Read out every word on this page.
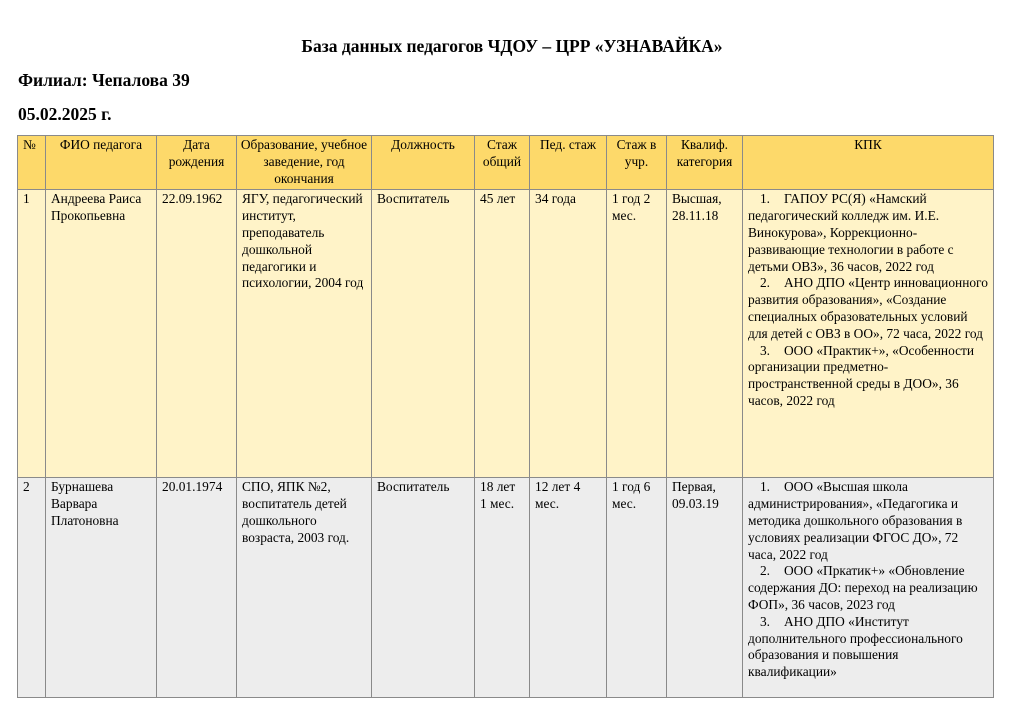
База данных педагогов ЧДОУ – ЦРР «УЗНАВАЙКА»
Филиал: Чепалова 39
05.02.2025 г.
№	ФИО педагога	Дата рождения	Образование, учебное заведение, год окончания	Должность	Стаж общий	Пед. стаж	Стаж в учр.	Квалиф. категория	КПК
1	Андреева Раиса Прокопьевна	22.09.1962	ЯГУ, педагогический институт, преподаватель дошкольной педагогики и психологии, 2004 год	Воспитатель	45 лет	34 года	1 год 2 мес.	Высшая, 28.11.18	1. ГАПОУ РС(Я) «Намский педагогический колледж им. И.Е. Винокурова», Коррекционно-развивающие технологии в работе с детьми ОВЗ», 36 часов, 2022 год

2. АНО ДПО «Центр инновационного развития образования», «Создание специалных образовательных условий для детей с ОВЗ в ОО», 72 часа, 2022 год

3. ООО «Практик+», «Особенности организации предметно-пространственной среды в ДОО», 36 часов, 2022 год

2	Бурнашева Варвара Платоновна	20.01.1974	СПО, ЯПК №2, воспитатель детей дошкольного возраста, 2003 год.	Воспитатель	18 лет 1 мес.	12 лет 4 мес.	1 год 6 мес.	Первая, 09.03.19	1. ООО «Высшая школа администрирования», «Педагогика и методика дошкольного образования в условиях реализации ФГОС ДО», 72 часа, 2022 год

2. ООО «Пркатик+» «Обновление содержания ДО: переход на реализацию ФОП», 36 часов, 2023 год

3. АНО ДПО «Институт дополнительного профессионального образования и повышения квалификации»
